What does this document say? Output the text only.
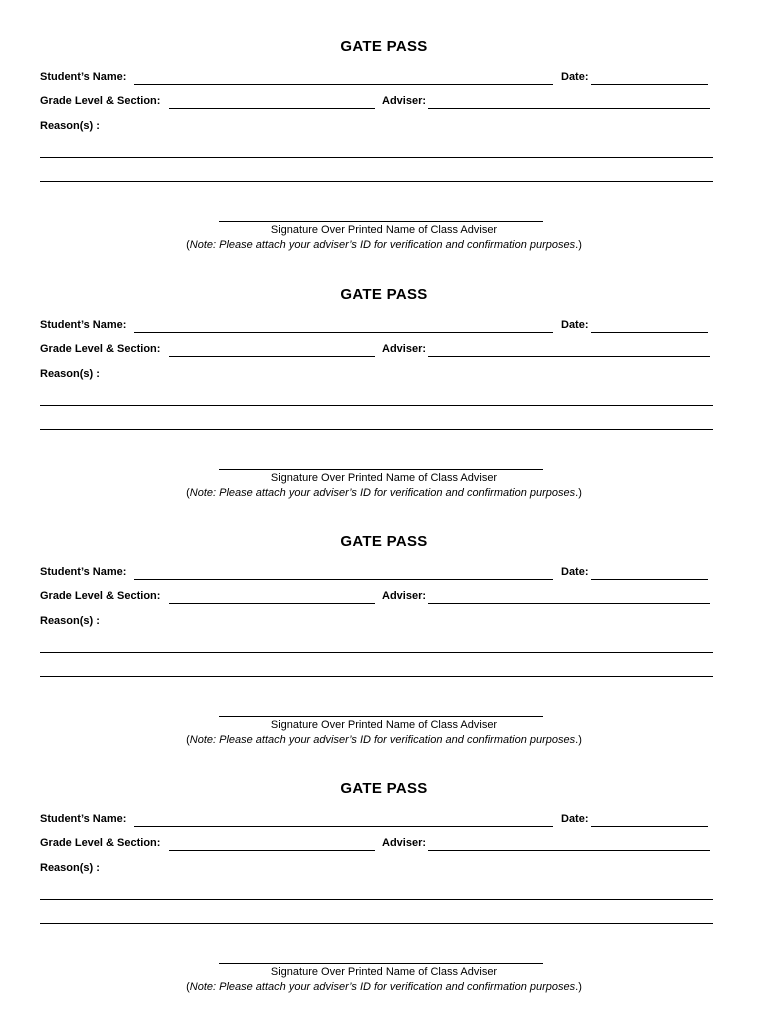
GATE PASS
Student’s Name:	Date:
Grade Level & Section:	Adviser:
Reason(s) :
Signature Over Printed Name of Class Adviser
(Note: Please attach your adviser’s ID for verification and confirmation purposes.)
GATE PASS
Student’s Name:	Date:
Grade Level & Section:	Adviser:
Reason(s) :
Signature Over Printed Name of Class Adviser
(Note: Please attach your adviser’s ID for verification and confirmation purposes.)
GATE PASS
Student’s Name:	Date:
Grade Level & Section:	Adviser:
Reason(s) :
Signature Over Printed Name of Class Adviser
(Note: Please attach your adviser’s ID for verification and confirmation purposes.)
GATE PASS
Student’s Name:	Date:
Grade Level & Section:	Adviser:
Reason(s) :
Signature Over Printed Name of Class Adviser
(Note: Please attach your adviser’s ID for verification and confirmation purposes.)
